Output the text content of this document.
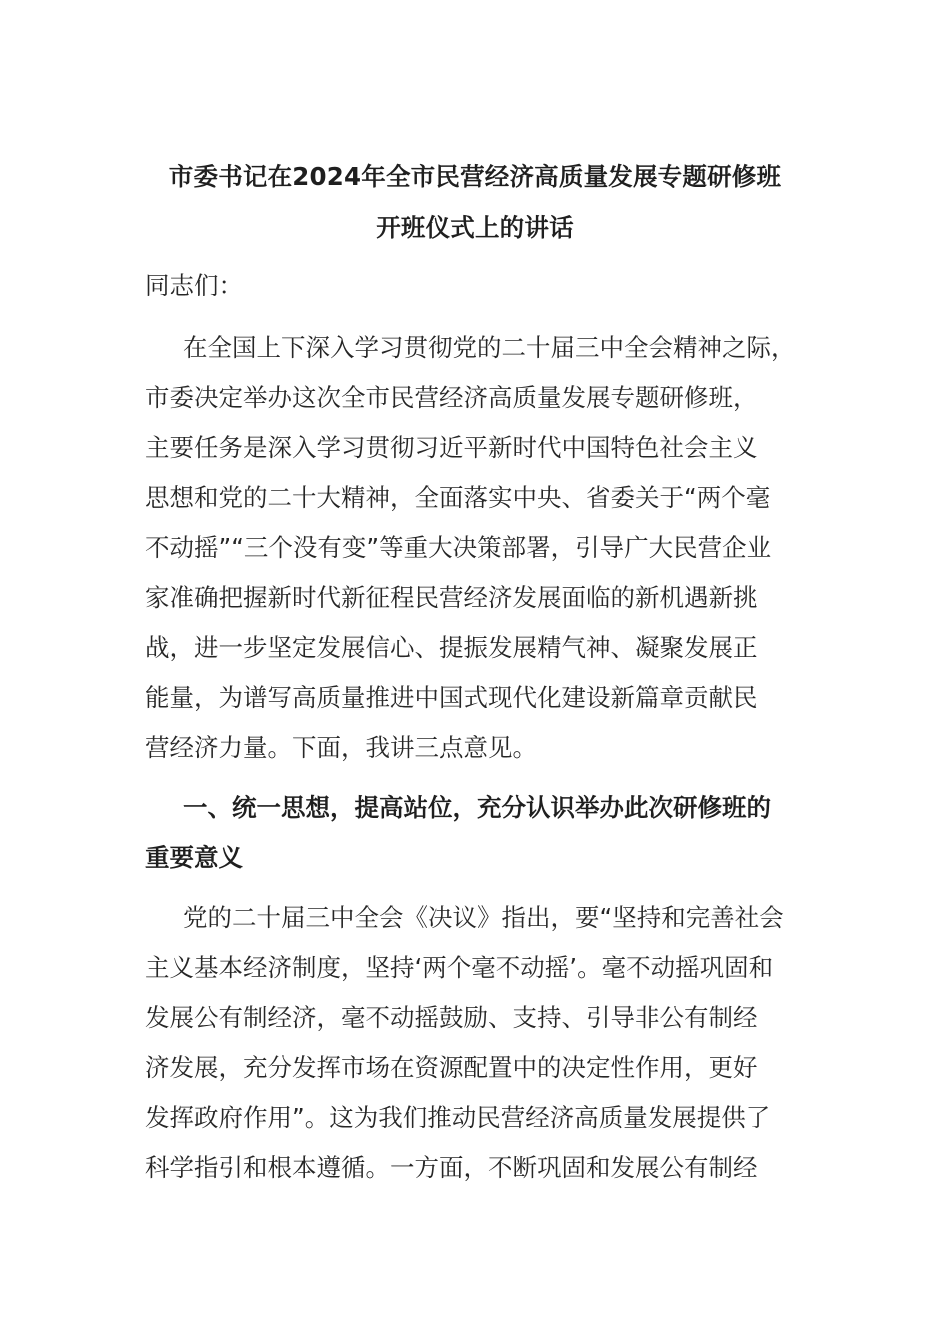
市委书记在2024年全市民营经济高质量发展专题研修班
开班仪式上的讲话
同志们：
在全国上下深入学习贯彻党的二十届三中全会精神之际，
市委决定举办这次全市民营经济高质量发展专题研修班，
主要任务是深入学习贯彻习近平新时代中国特色社会主义
思想和党的二十大精神，全面落实中央、省委关于“两个毫
不动摇”“三个没有变”等重大决策部署，引导广大民营企业
家准确把握新时代新征程民营经济发展面临的新机遇新挑
战，进一步坚定发展信心、提振发展精气神、凝聚发展正
能量，为谱写高质量推进中国式现代化建设新篇章贡献民
营经济力量。下面，我讲三点意见。
一、统一思想，提高站位，充分认识举办此次研修班的
重要意义
党的二十届三中全会《决议》指出，要“坚持和完善社会
主义基本经济制度，坚持‘两个毫不动摇’。毫不动摇巩固和
发展公有制经济，毫不动摇鼓励、支持、引导非公有制经
济发展，充分发挥市场在资源配置中的决定性作用，更好
发挥政府作用”。这为我们推动民营经济高质量发展提供了
科学指引和根本遵循。一方面，不断巩固和发展公有制经
